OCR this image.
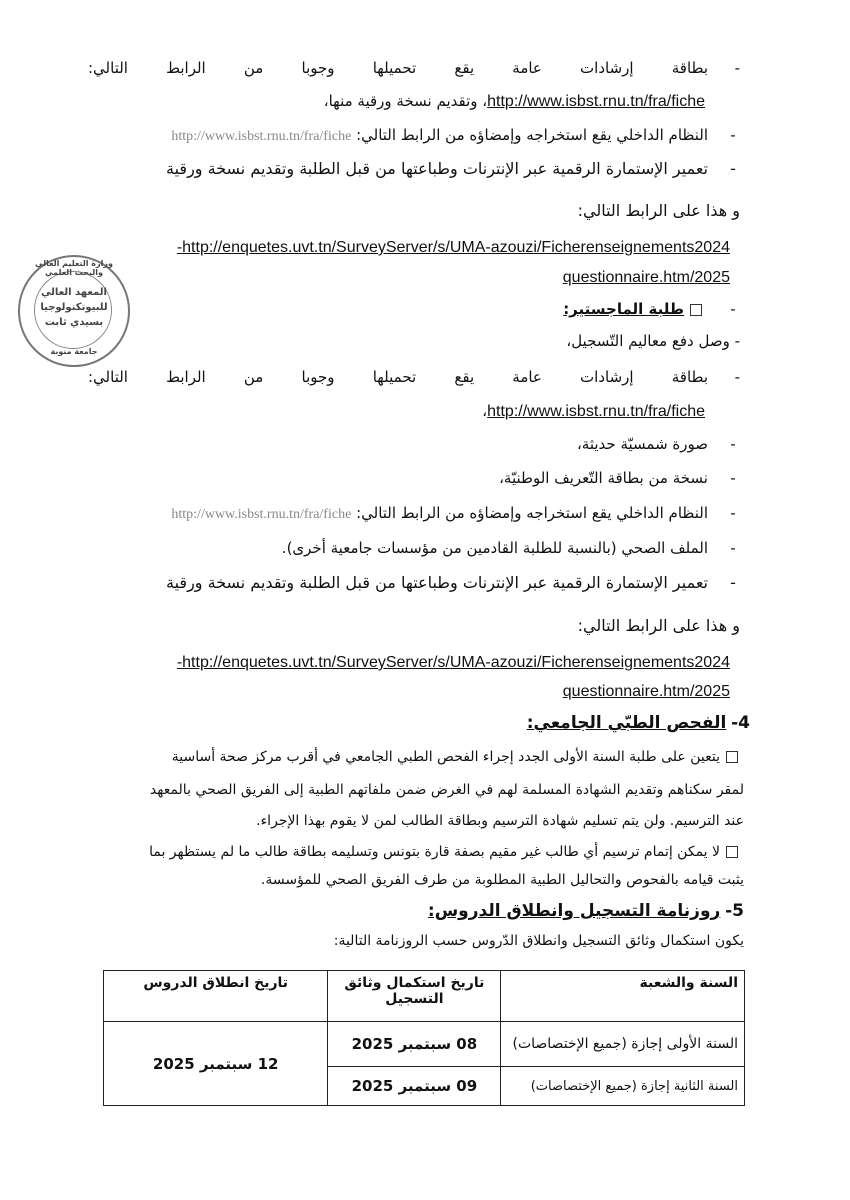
وزارة التعليم العالي والبحث العلمي
المعهد العالي
للبيوتكنولوجيا
بسيدي ثابت
جامعة منوبة
-بطاقة إرشادات عامة يقع تحميلها وجوبا من الرابط التالي:
http://www.isbst.rnu.tn/fra/fiche، وتقديم نسخة ورقية منها،
-النظام الداخلي يقع استخراجه وإمضاؤه من الرابط التالي: http://www.isbst.rnu.tn/fra/fiche
-تعمير الإستمارة الرقمية عبر الإنترنات وطباعتها من قبل الطلبة وتقديم نسخة ورقية
و هذا على الرابط التالي:
http://enquetes.uvt.tn/SurveyServer/s/UMA-azouzi/Ficherenseignements2024-
2025/questionnaire.htm
-طلبة الماجستير:
- وصل دفع معاليم التّسجيل،
-بطاقة إرشادات عامة يقع تحميلها وجوبا من الرابط التالي:
http://www.isbst.rnu.tn/fra/fiche،
-صورة شمسيّة حديثة،
-نسخة من بطاقة التّعريف الوطنيّة،
-النظام الداخلي يقع استخراجه وإمضاؤه من الرابط التالي: http://www.isbst.rnu.tn/fra/fiche
-الملف الصحي (بالنسبة للطلبة القادمين من مؤسسات جامعية أخرى).
-تعمير الإستمارة الرقمية عبر الإنترنات وطباعتها من قبل الطلبة وتقديم نسخة ورقية
و هذا على الرابط التالي:
http://enquetes.uvt.tn/SurveyServer/s/UMA-azouzi/Ficherenseignements2024-
2025/questionnaire.htm
4- الفحص الطبّي الجامعي:
يتعين على طلبة السنة الأولى الجدد إجراء الفحص الطبي الجامعي في أقرب مركز صحة أساسية
لمقر سكناهم وتقديم الشهادة المسلمة لهم في الغرض ضمن ملفاتهم الطبية إلى الفريق الصحي بالمعهد
عند الترسيم. ولن يتم تسليم شهادة الترسيم وبطاقة الطالب لمن لا يقوم بهذا الإجراء.
لا يمكن إتمام ترسيم أي طالب غير مقيم بصفة قارة بتونس وتسليمه بطاقة طالب ما لم يستظهر بما
يثبت قيامه بالفحوص والتحاليل الطبية المطلوبة من طرف الفريق الصحي للمؤسسة.
5- روزنامة التسجيل وانطلاق الدروس:
يكون استكمال وثائق التسجيل وانطلاق الدّروس حسب الروزنامة التالية:
السنة والشعبة	تاريخ استكمال وثائق التسجيل	تاريخ انطلاق الدروس
السنة الأولى إجازة (جميع الإختصاصات)	08 سبتمبر 2025	12 سبتمبر 2025
السنة الثانية إجازة (جميع الإختصاصات)	09 سبتمبر 2025	
